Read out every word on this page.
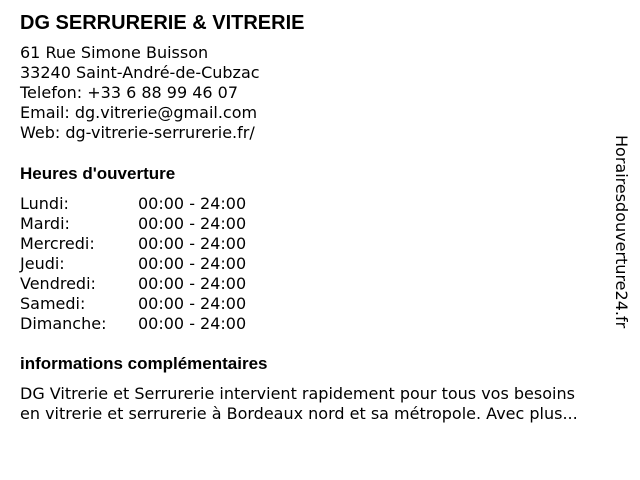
DG SERRURERIE & VITRERIE
61 Rue Simone Buisson
33240 Saint-André-de-Cubzac
Telefon: +33 6 88 99 46 07
Email: dg.vitrerie@gmail.com
Web: dg-vitrerie-serrurerie.fr/
Heures d'ouverture
Lundi:	00:00 - 24:00
Mardi:	00:00 - 24:00
Mercredi:	00:00 - 24:00
Jeudi:	00:00 - 24:00
Vendredi:	00:00 - 24:00
Samedi:	00:00 - 24:00
Dimanche: 00:00 - 24:00
informations complémentaires
DG Vitrerie et Serrurerie intervient rapidement pour tous vos besoins
en vitrerie et serrurerie à Bordeaux nord et sa métropole. Avec plus...
Horairesdouverture24.fr
